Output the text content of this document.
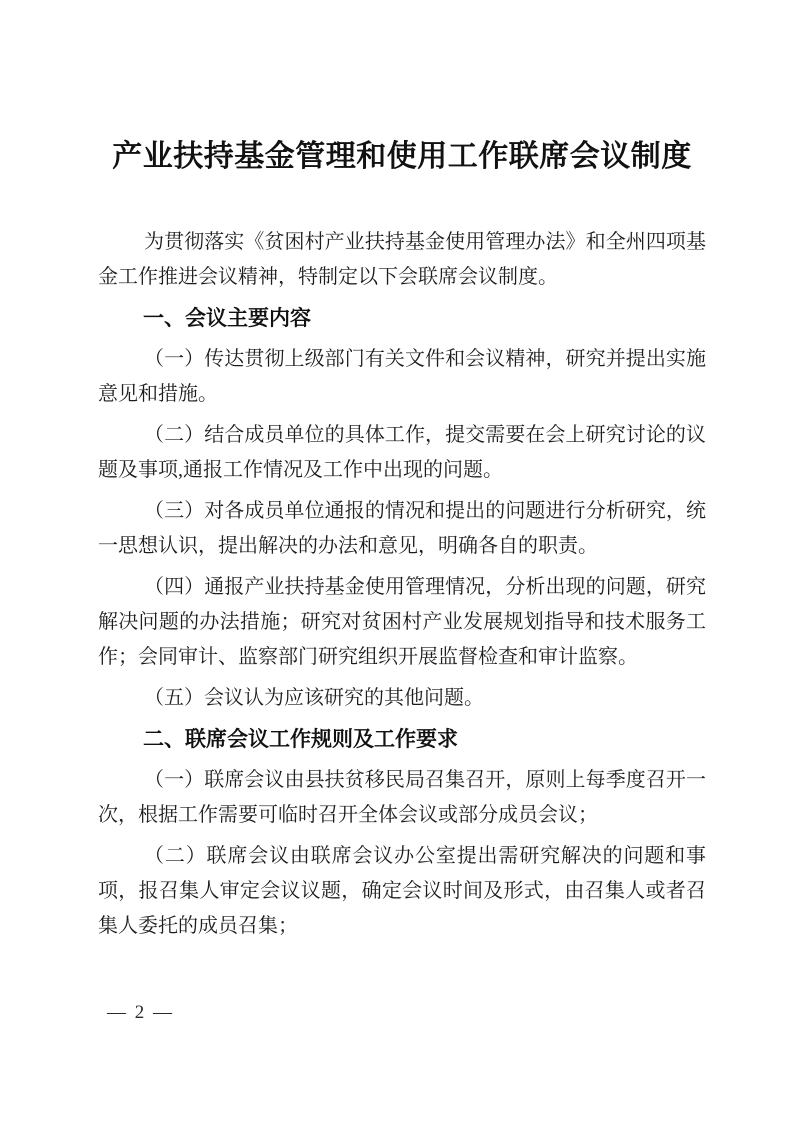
产业扶持基金管理和使用工作联席会议制度

为贯彻落实《贫困村产业扶持基金使用管理办法》和全州四项基金工作推进会议精神，特制定以下会联席会议制度。

一、会议主要内容

（一）传达贯彻上级部门有关文件和会议精神，研究并提出实施意见和措施。

（二）结合成员单位的具体工作，提交需要在会上研究讨论的议题及事项,通报工作情况及工作中出现的问题。

（三）对各成员单位通报的情况和提出的问题进行分析研究，统一思想认识，提出解决的办法和意见，明确各自的职责。

（四）通报产业扶持基金使用管理情况，分析出现的问题，研究解决问题的办法措施；研究对贫困村产业发展规划指导和技术服务工作；会同审计、监察部门研究组织开展监督检查和审计监察。

（五）会议认为应该研究的其他问题。

二、联席会议工作规则及工作要求

（一）联席会议由县扶贫移民局召集召开，原则上每季度召开一次，根据工作需要可临时召开全体会议或部分成员会议；

（二）联席会议由联席会议办公室提出需研究解决的问题和事项，报召集人审定会议议题，确定会议时间及形式，由召集人或者召集人委托的成员召集；

— 2 —
